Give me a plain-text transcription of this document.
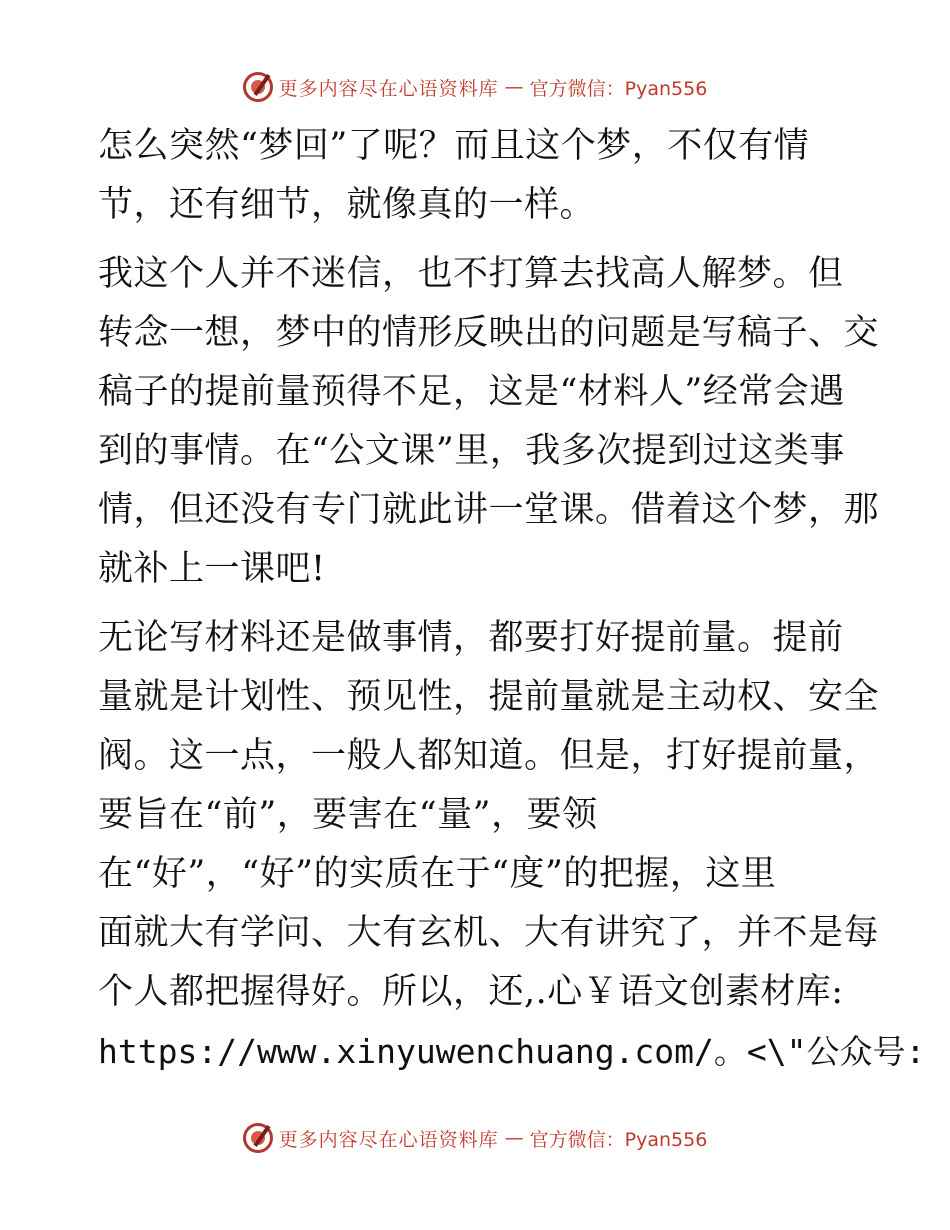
更多内容尽在心语资料库 — 官方微信：Pyan556
怎么突然“梦回”了呢？而且这个梦，不仅有情
节，还有细节，就像真的一样。
我这个人并不迷信，也不打算去找高人解梦。但
转念一想，梦中的情形反映出的问题是写稿子、交
稿子的提前量预得不足，这是“材料人”经常会遇
到的事情。在“公文课”里，我多次提到过这类事
情，但还没有专门就此讲一堂课。借着这个梦，那
就补上一课吧!
无论写材料还是做事情，都要打好提前量。提前
量就是计划性、预见性，提前量就是主动权、安全
阀。这一点，一般人都知道。但是，打好提前量，
要旨在“前”，要害在“量”，要领
在“好”，“好”的实质在于“度”的把握，这里
面就大有学问、大有玄机、大有讲究了，并不是每
个人都把握得好。所以，还,.心￥语文创素材库:
https://www.xinyuwenchuang.com/。<\"公众号:
更多内容尽在心语资料库 — 官方微信：Pyan556
